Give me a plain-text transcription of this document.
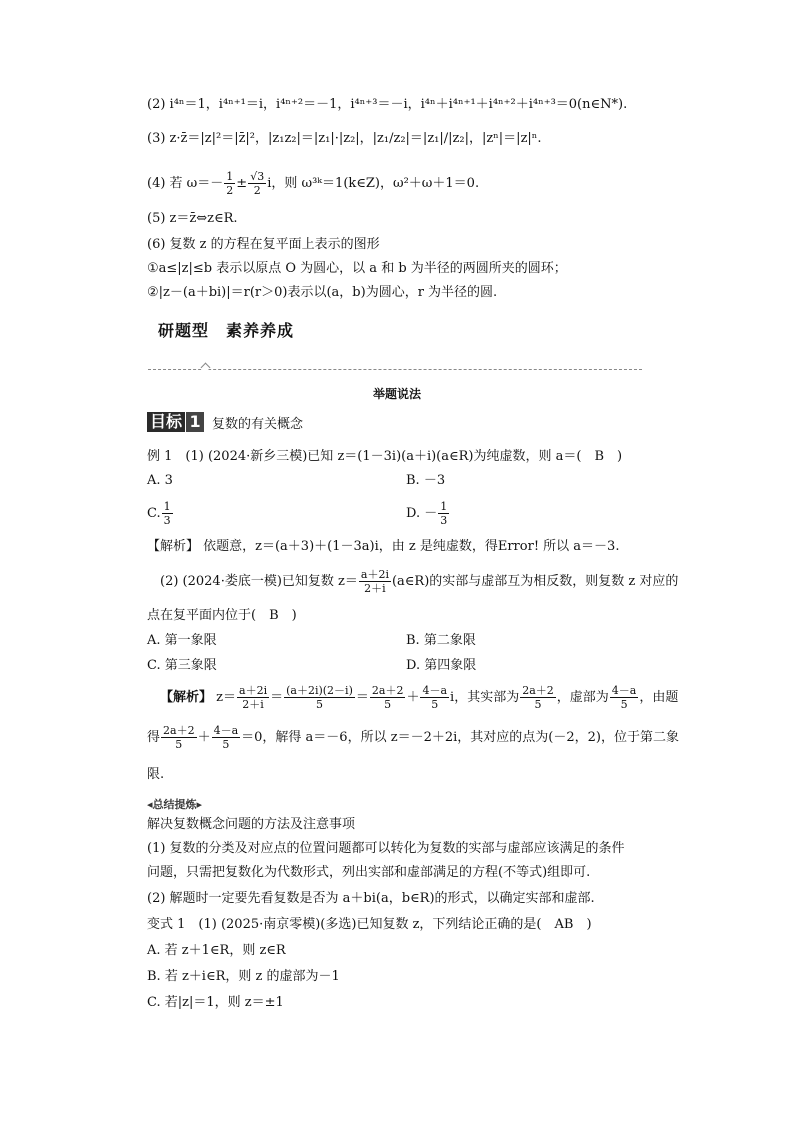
(2) i⁴ⁿ＝1，i⁴ⁿ⁺¹＝i，i⁴ⁿ⁺²＝－1，i⁴ⁿ⁺³＝－i，i⁴ⁿ＋i⁴ⁿ⁺¹＋i⁴ⁿ⁺²＋i⁴ⁿ⁺³＝0(n∈N*).
(3) z·z̄＝|z|²＝|z̄|²，|z₁z₂|＝|z₁|·|z₂|，|z₁/z₂|＝|z₁|/|z₂|，|zⁿ|＝|z|ⁿ.
(4) 若 $\omega=- \frac{1}{2} \pm \frac{√3}{2}$ i，则 ω³ᵏ＝1(k∈Z)，ω²＋ω＋1＝0.
(5) z＝z̄⇔z∈R.
(6) 复数 z 的方程在复平面上表示的图形
①a≤|z|≤b 表示以原点 O 为圆心，以 a 和 b 为半径的两圆所夹的圆环；
②|z－(a＋bi)|＝r(r＞0)表示以(a，b)为圆心，r 为半径的圆.
研题型　素养养成
举题说法
目标 1 复数的有关概念
例 1　(1) (2024·新乡三模)已知 z＝(1－3i)(a＋i)(a∈R)为纯虚数，则 a＝(　B　)
A. 3	B. －3
C. $\frac{1}{3}$	D. － $\frac{1}{3}$
【解析】 依题意，z＝(a＋3)＋(1－3a)i，由 z 是纯虚数，得Error! 所以 a＝－3.
(2) (2024·娄底一模)已知复数 $z= \frac{a+2i}{2+i}$ (a∈R)的实部与虚部互为相反数，则复数 z 对应的
点在复平面内位于(　B　)
A. 第一象限	B. 第二象限
C. 第三象限	D. 第四象限
【解析】 $z= \frac{a+2i}{2+i} = \frac{(a+2i)(2-i)}{5} = \frac{2a+2}{5} + \frac{4-a}{5}$ i，其实部为 $\frac{2a+2}{5}$ ，虚部为 $\frac{4-a}{5}$ ，由题
得 $\frac{2a+2}{5} + \frac{4-a}{5} =0$，解得 a＝－6，所以 z＝－2＋2i，其对应的点为(－2，2)，位于第二象
限.
◂总结提炼▸
解决复数概念问题的方法及注意事项
(1) 复数的分类及对应点的位置问题都可以转化为复数的实部与虚部应该满足的条件
问题，只需把复数化为代数形式，列出实部和虚部满足的方程(不等式)组即可.
(2) 解题时一定要先看复数是否为 a＋bi(a，b∈R)的形式，以确定实部和虚部.
变式 1　(1) (2025·南京零模)(多选)已知复数 z，下列结论正确的是(　AB　)
A. 若 z＋1∈R，则 z∈R
B. 若 z＋i∈R，则 z 的虚部为－1
C. 若|z|＝1，则 z＝±1
